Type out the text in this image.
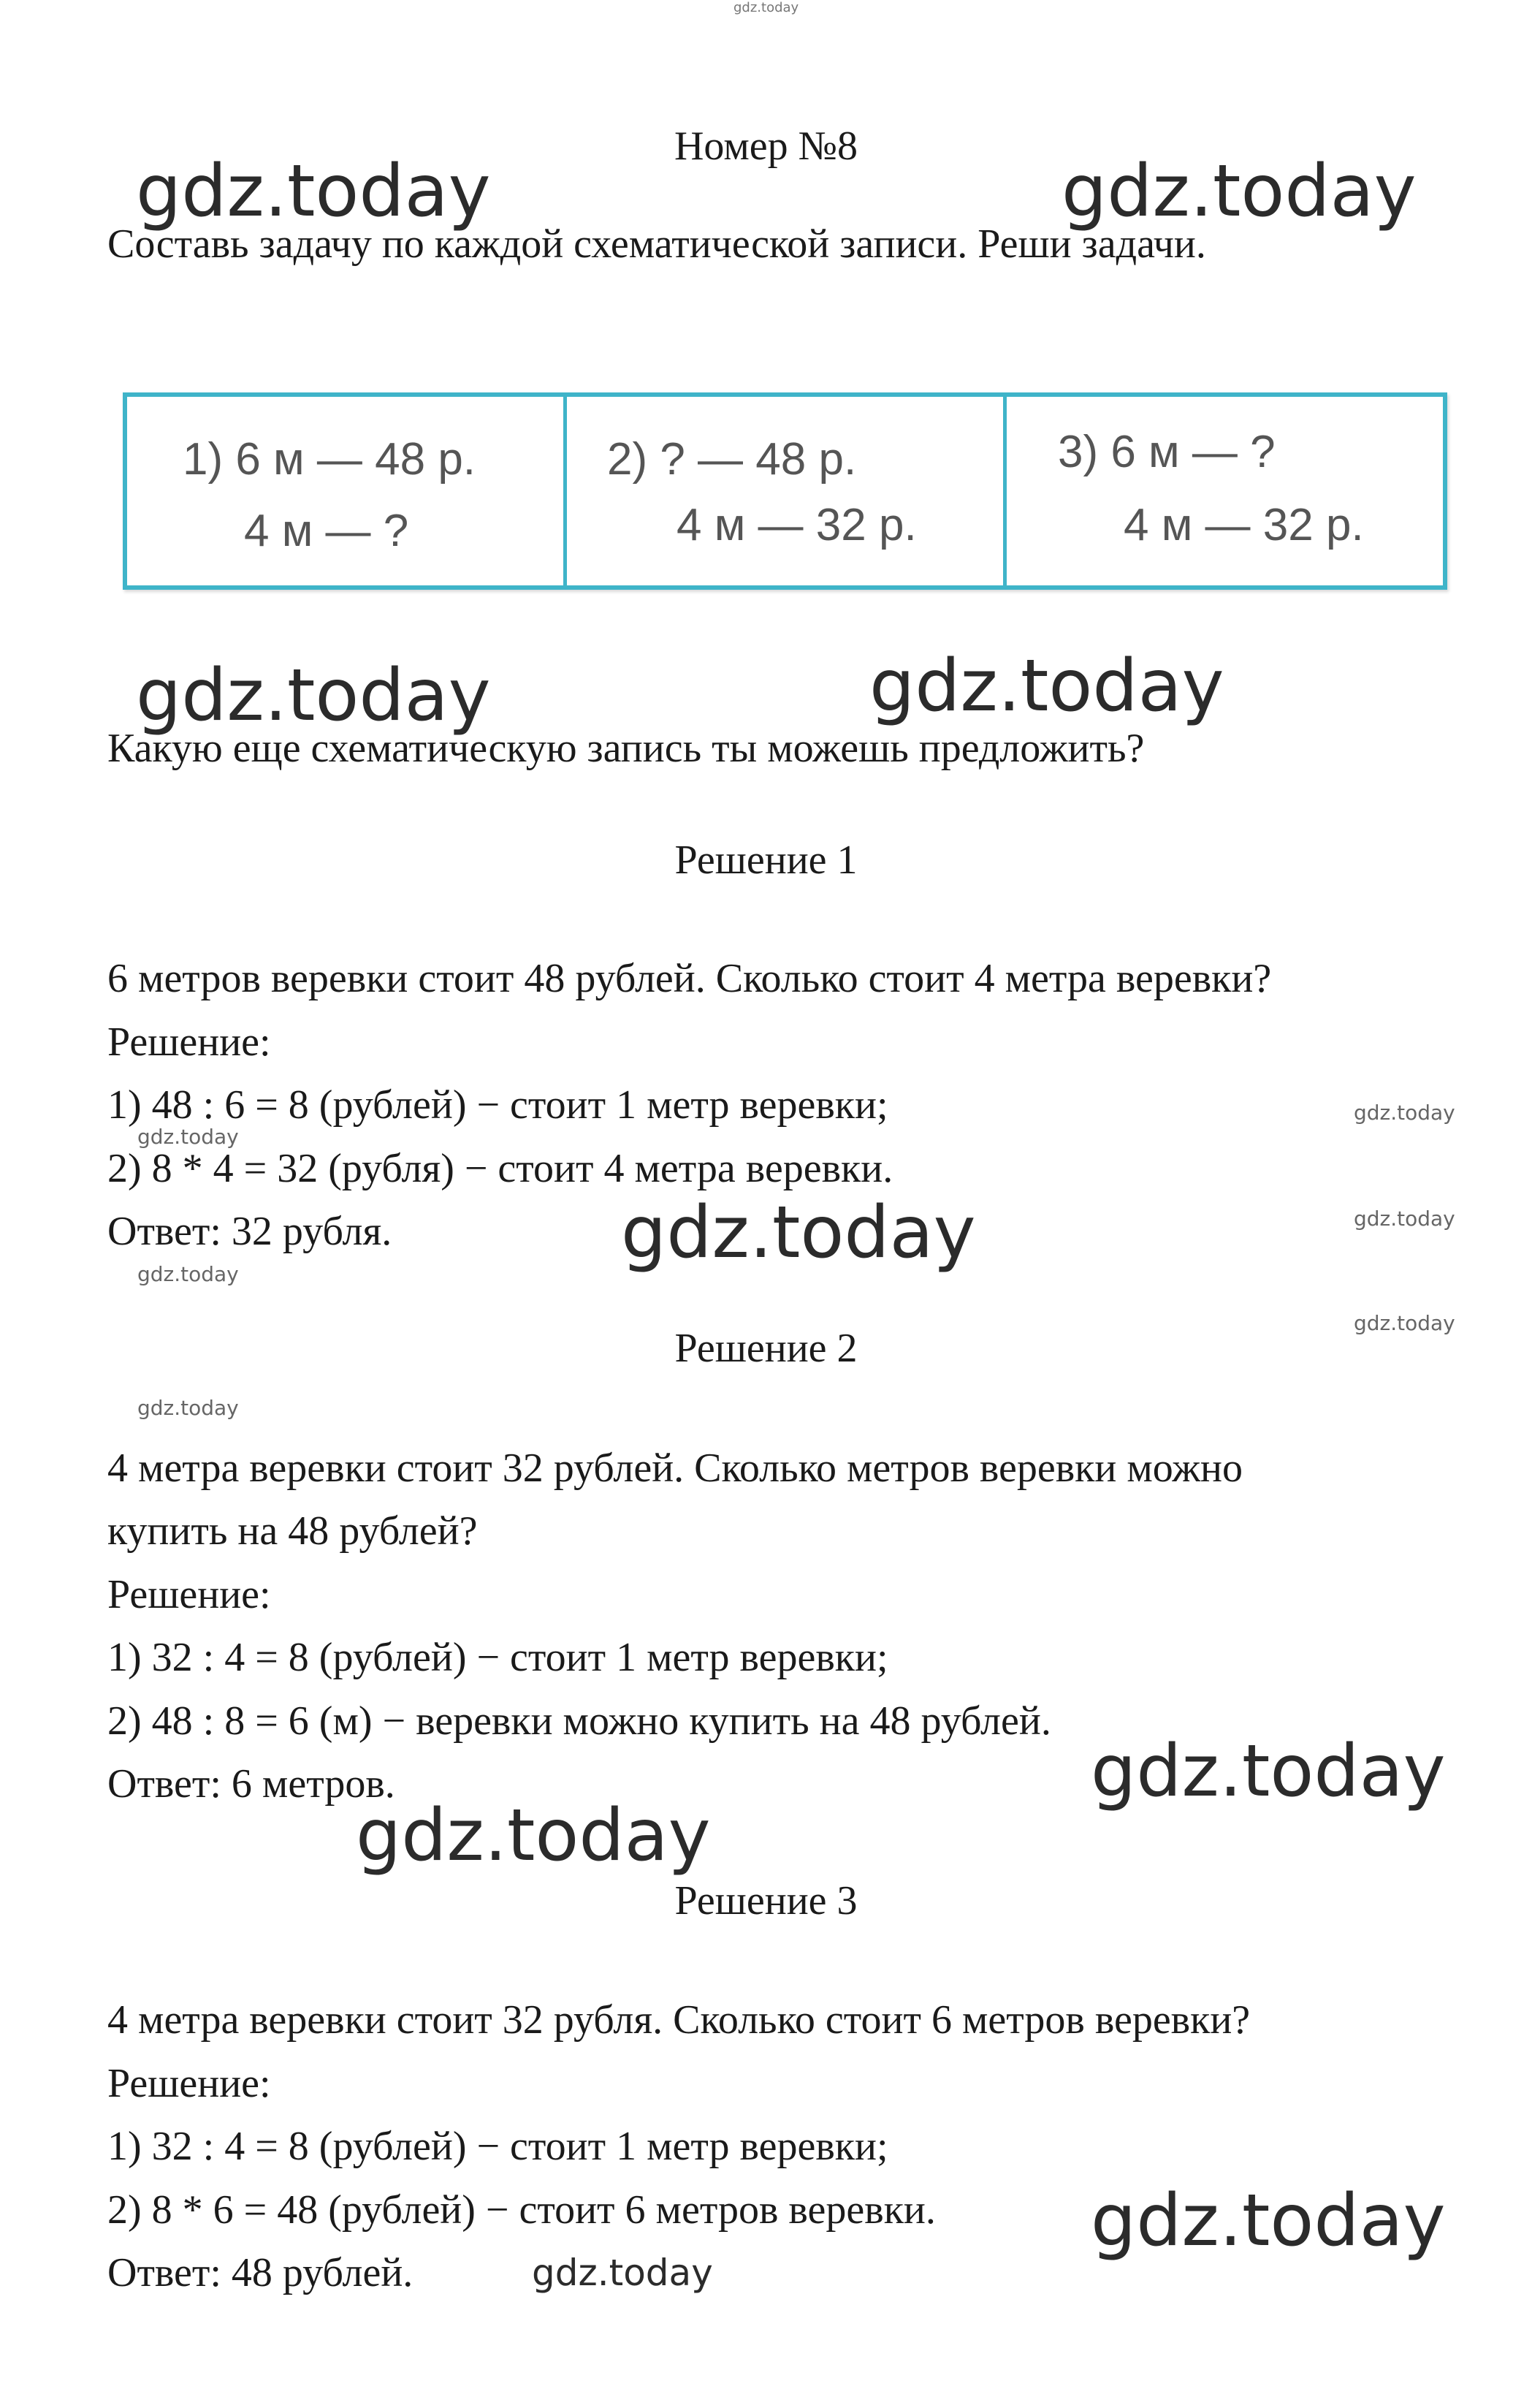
gdz.today
Номер №8
gdz.today	gdz.today
Составь задачу по каждой схематической записи. Реши задачи.
1) 6 м — 48 р.
4 м — ?
2) ? — 48 р.
4 м — 32 р.
3) 6 м — ?
4 м — 32 р.
gdz.today	gdz.today
Какую еще схематическую запись ты можешь предложить?
Решение 1
6 метров веревки стоит 48 рублей. Сколько стоит 4 метра веревки?
Решение:
1) 48 : 6 = 8 (рублей) − стоит 1 метр веревки;
2) 8 * 4 = 32 (рубля) − стоит 4 метра веревки.
Ответ: 32 рубля.
gdz.today
gdz.today
gdz.today	gdz.today
gdz.today
gdz.today
Решение 2
gdz.today
4 метра веревки стоит 32 рублей. Сколько метров веревки можно
купить на 48 рублей?
Решение:
1) 32 : 4 = 8 (рублей) − стоит 1 метр веревки;
2) 48 : 8 = 6 (м) − веревки можно купить на 48 рублей.
Ответ: 6 метров.	gdz.today
gdz.today
Решение 3
4 метра веревки стоит 32 рубля. Сколько стоит 6 метров веревки?
Решение:
1) 32 : 4 = 8 (рублей) − стоит 1 метр веревки;
2) 8 * 6 = 48 (рублей) − стоит 6 метров веревки.
Ответ: 48 рублей.
gdz.today
gdz.today
